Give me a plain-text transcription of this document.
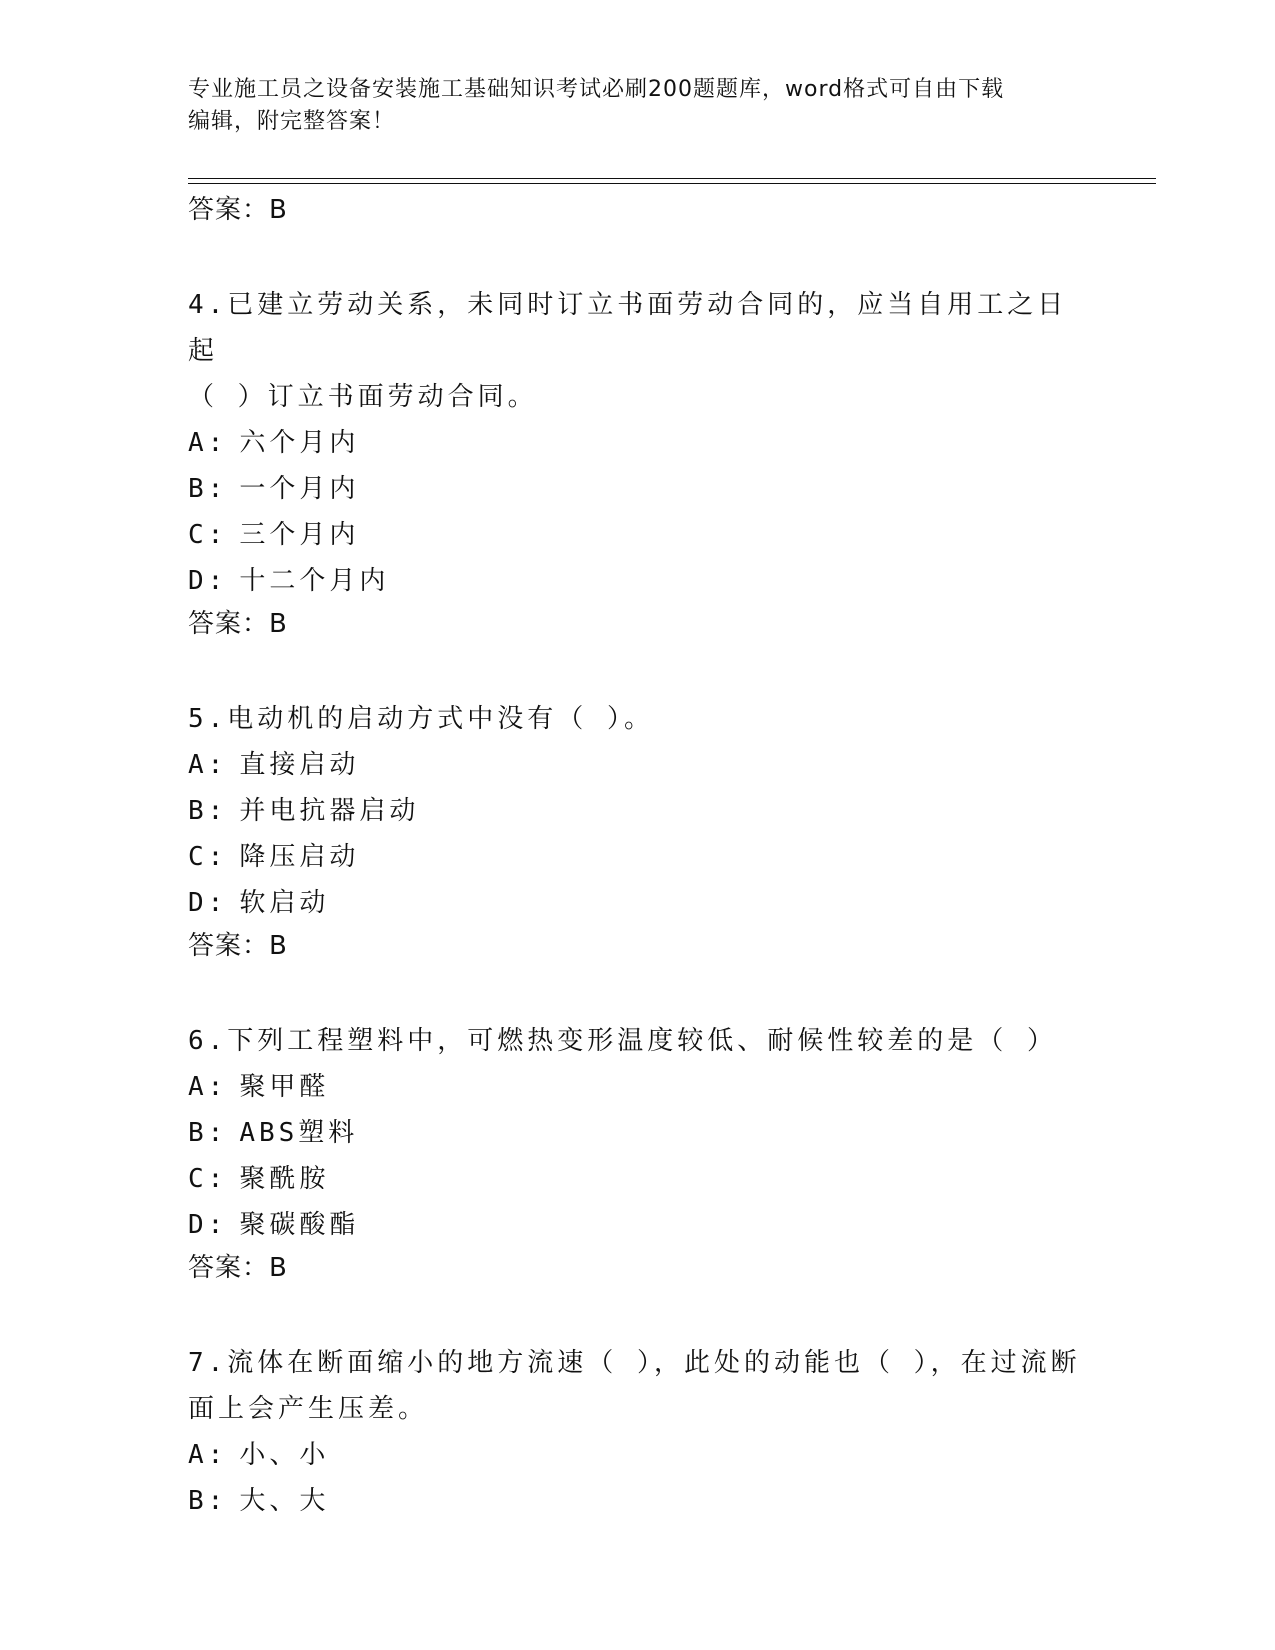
专业施工员之设备安装施工基础知识考试必刷200题题库，word格式可自由下载
编辑，附完整答案！
答案：B
4.已建立劳动关系，未同时订立书面劳动合同的，应当自用工之日起
（ ）订立书面劳动合同。
A: 六个月内
B: 一个月内
C: 三个月内
D: 十二个月内
答案：B
5.电动机的启动方式中没有（ ）。
A: 直接启动
B: 并电抗器启动
C: 降压启动
D: 软启动
答案：B
6.下列工程塑料中，可燃热变形温度较低、耐候性较差的是（ ）
A: 聚甲醛
B: ABS塑料
C: 聚酰胺
D: 聚碳酸酯
答案：B
7.流体在断面缩小的地方流速（ ），此处的动能也（ ），在过流断
面上会产生压差。
A: 小、小
B: 大、大
